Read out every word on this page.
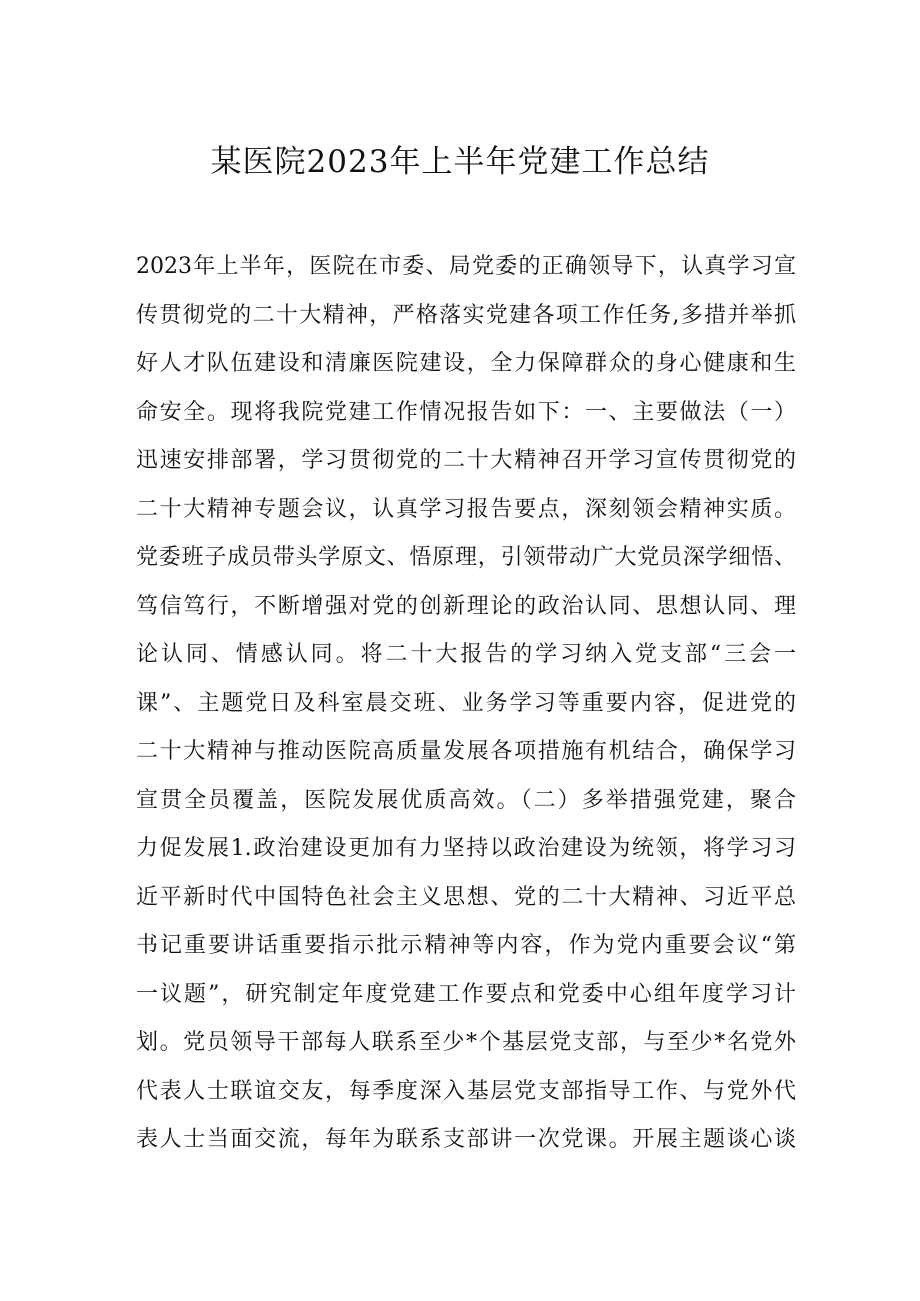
某医院2023年上半年党建工作总结
2023年上半年，医院在市委、局党委的正确领导下，认真学习宣
传贯彻党的二十大精神，严格落实党建各项工作任务,多措并举抓
好人才队伍建设和清廉医院建设，全力保障群众的身心健康和生
命安全。现将我院党建工作情况报告如下：一、主要做法（一）
迅速安排部署，学习贯彻党的二十大精神召开学习宣传贯彻党的
二十大精神专题会议，认真学习报告要点，深刻领会精神实质。
党委班子成员带头学原文、悟原理，引领带动广大党员深学细悟、
笃信笃行，不断增强对党的创新理论的政治认同、思想认同、理
论认同、情感认同。将二十大报告的学习纳入党支部“三会一
课”、主题党日及科室晨交班、业务学习等重要内容，促进党的
二十大精神与推动医院高质量发展各项措施有机结合，确保学习
宣贯全员覆盖，医院发展优质高效。（二）多举措强党建，聚合
力促发展1.政治建设更加有力坚持以政治建设为统领，将学习习
近平新时代中国特色社会主义思想、党的二十大精神、习近平总
书记重要讲话重要指示批示精神等内容，作为党内重要会议“第
一议题”，研究制定年度党建工作要点和党委中心组年度学习计
划。党员领导干部每人联系至少*个基层党支部，与至少*名党外
代表人士联谊交友，每季度深入基层党支部指导工作、与党外代
表人士当面交流，每年为联系支部讲一次党课。开展主题谈心谈
